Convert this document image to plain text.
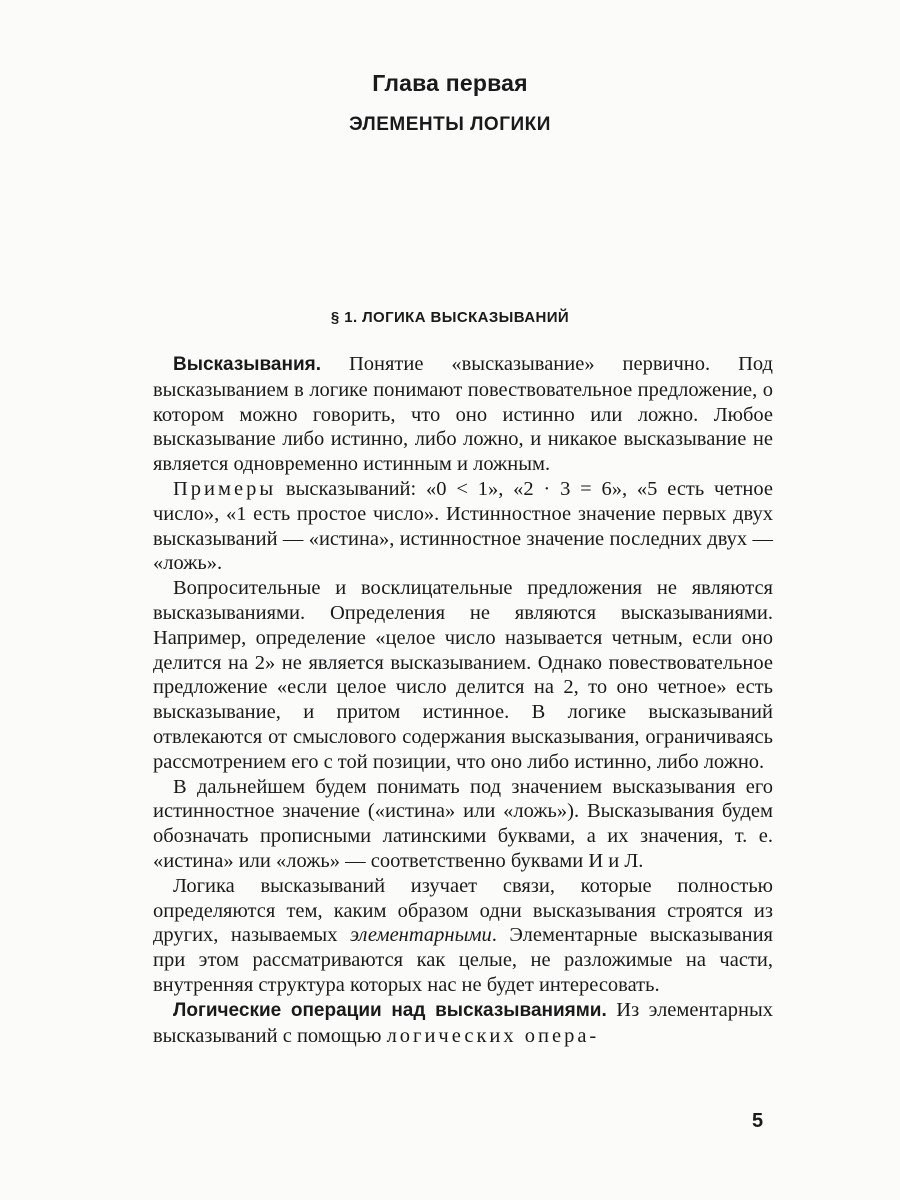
Глава первая
ЭЛЕМЕНТЫ ЛОГИКИ
§ 1. ЛОГИКА ВЫСКАЗЫВАНИЙ

Высказывания. Понятие «высказывание» первично. Под высказыванием в логике понимают повествовательное предложение, о котором можно говорить, что оно истинно или ложно. Любое высказывание либо истинно, либо ложно, и никакое высказывание не является одновременно истинным и ложным.

Примеры высказываний: «0 < 1», «2 · 3 = 6», «5 есть четное число», «1 есть простое число». Истинностное значение первых двух высказываний — «истина», истинностное значение последних двух — «ложь».

Вопросительные и восклицательные предложения не являются высказываниями. Определения не являются высказываниями. Например, определение «целое число называется четным, если оно делится на 2» не является высказыванием. Однако повествовательное предложение «если целое число делится на 2, то оно четное» есть высказывание, и притом истинное. В логике высказываний отвлекаются от смыслового содержания высказывания, ограничиваясь рассмотрением его с той позиции, что оно либо истинно, либо ложно.

В дальнейшем будем понимать под значением высказывания его истинностное значение («истина» или «ложь»). Высказывания будем обозначать прописными латинскими буквами, а их значения, т. е. «истина» или «ложь» — соответственно буквами И и Л.

Логика высказываний изучает связи, которые полностью определяются тем, каким образом одни высказывания строятся из других, называемых элементарными. Элементарные высказывания при этом рассматриваются как целые, не разложимые на части, внутренняя структура которых нас не будет интересовать.

Логические операции над высказываниями. Из элементарных высказываний с помощью логических опера-

5
